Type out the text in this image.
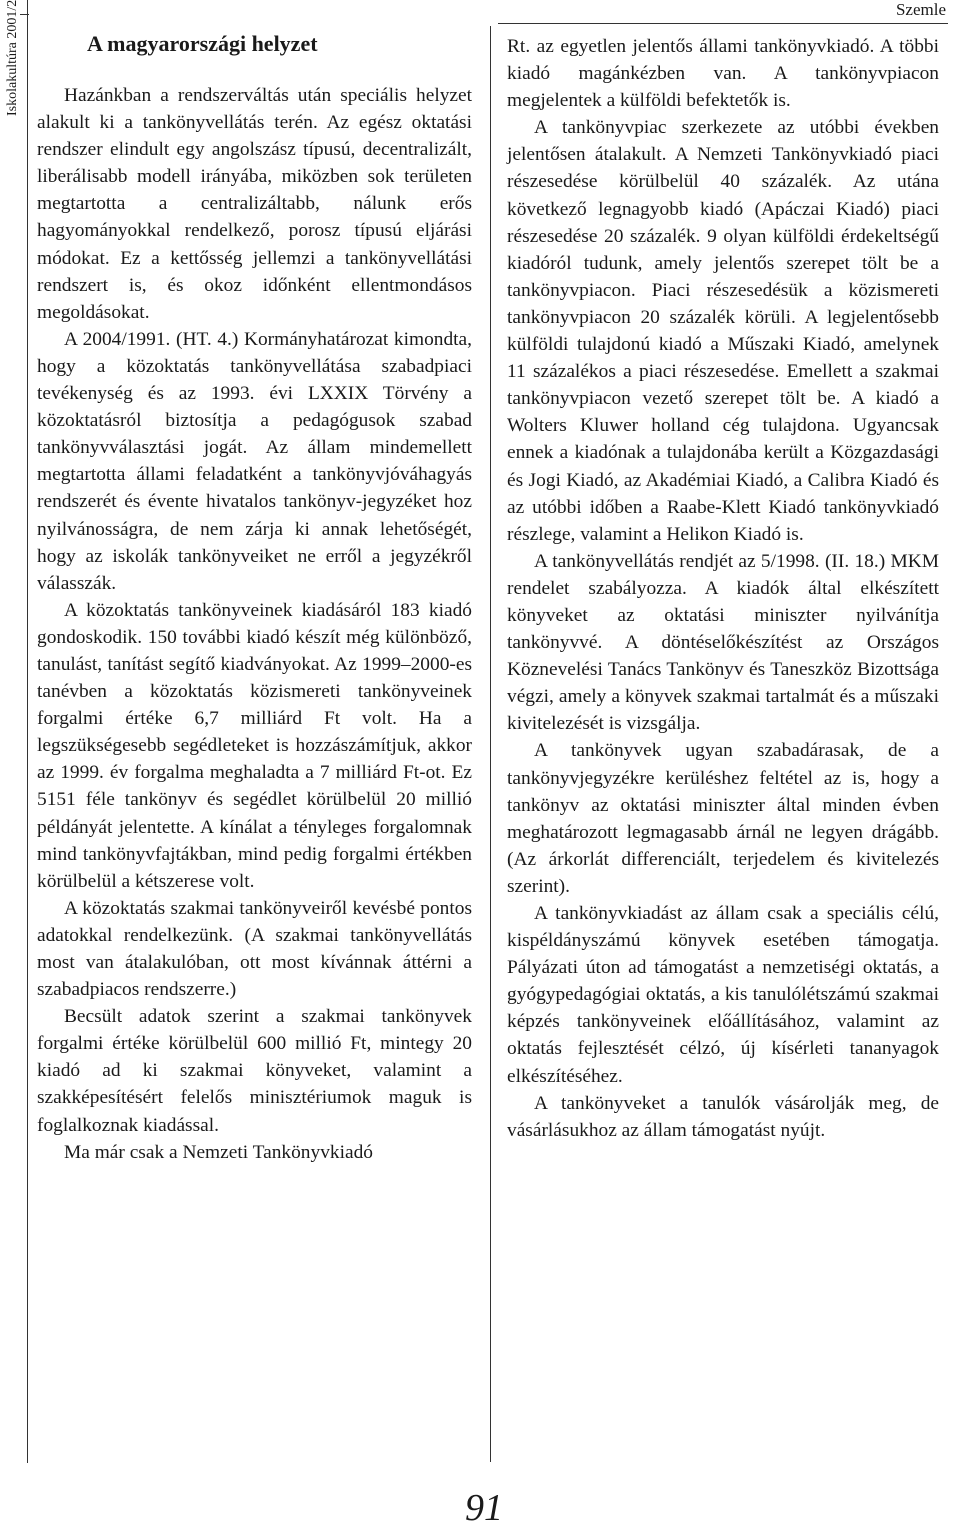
Iskolakultúra 2001/2	Szemle
A magyarországi helyzet

Hazánkban a rendszerváltás után speciális helyzet alakult ki a tankönyvellátás terén. Az egész oktatási rendszer elindult egy angolszász típusú, decentralizált, liberálisabb modell irányába, miközben sok területen megtartotta a centralizáltabb, nálunk erős hagyományokkal rendelkező, porosz típusú eljárási módokat. Ez a kettősség jellemzi a tankönyvellátási rendszert is, és okoz időnként ellentmondásos megoldásokat.

A 2004/1991. (HT. 4.) Kormányhatározat kimondta, hogy a közoktatás tankönyvellátása szabadpiaci tevékenység és az 1993. évi LXXIX Törvény a közoktatásról biztosítja a pedagógusok szabad tankönyvválasztási jogát. Az állam mindemellett megtartotta állami feladatként a tankönyvjóváhagyás rendszerét és évente hivatalos tankönyv-jegyzéket hoz nyilvánosságra, de nem zárja ki annak lehetőségét, hogy az iskolák tankönyveiket ne erről a jegyzékről válasszák.

A közoktatás tankönyveinek kiadásáról 183 kiadó gondoskodik. 150 további kiadó készít még különböző, tanulást, tanítást segítő kiadványokat. Az 1999–2000-es tanévben a közoktatás közismereti tankönyveinek forgalmi értéke 6,7 milliárd Ft volt. Ha a legszükségesebb segédleteket is hozzászámítjuk, akkor az 1999. év forgalma meghaladta a 7 milliárd Ft-ot. Ez 5151 féle tankönyv és segédlet körülbelül 20 millió példányát jelentette. A kínálat a tényleges forgalomnak mind tankönyvfajtákban, mind pedig forgalmi értékben körülbelül a kétszerese volt.

A közoktatás szakmai tankönyveiről kevésbé pontos adatokkal rendelkezünk. (A szakmai tankönyvellátás most van átalakulóban, ott most kívánnak áttérni a szabadpiacos rendszerre.)

Becsült adatok szerint a szakmai tankönyvek forgalmi értéke körülbelül 600 millió Ft, mintegy 20 kiadó ad ki szakmai könyveket, valamint a szakképesítésért felelős minisztériumok maguk is foglalkoznak kiadással.

Ma már csak a Nemzeti Tankönyvkiadó

Rt. az egyetlen jelentős állami tankönyvkiadó. A többi kiadó magánkézben van. A tankönyvpiacon megjelentek a külföldi befektetők is.

A tankönyvpiac szerkezete az utóbbi években jelentősen átalakult. A Nemzeti Tankönyvkiadó piaci részesedése körülbelül 40 százalék. Az utána következő legnagyobb kiadó (Apáczai Kiadó) piaci részesedése 20 százalék. 9 olyan külföldi érdekeltségű kiadóról tudunk, amely jelentős szerepet tölt be a tankönyvpiacon. Piaci részesedésük a közismereti tankönyvpiacon 20 százalék körüli. A legjelentősebb külföldi tulajdonú kiadó a Műszaki Kiadó, amelynek 11 százalékos a piaci részesedése. Emellett a szakmai tankönyvpiacon vezető szerepet tölt be. A kiadó a Wolters Kluwer holland cég tulajdona. Ugyancsak ennek a kiadónak a tulajdonába került a Közgazdasági és Jogi Kiadó, az Akadémiai Kiadó, a Calibra Kiadó és az utóbbi időben a Raabe-Klett Kiadó tankönyvkiadó részlege, valamint a Helikon Kiadó is.

A tankönyvellátás rendjét az 5/1998. (II. 18.) MKM rendelet szabályozza. A kiadók által elkészített könyveket az oktatási miniszter nyilvánítja tankönyvvé. A döntéselőkészítést az Országos Köznevelési Tanács Tankönyv és Taneszköz Bizottsága végzi, amely a könyvek szakmai tartalmát és a műszaki kivitelezését is vizsgálja.

A tankönyvek ugyan szabadárasak, de a tankönyvjegyzékre kerüléshez feltétel az is, hogy a tankönyv az oktatási miniszter által minden évben meghatározott legmagasabb árnál ne legyen drágább. (Az árkorlát differenciált, terjedelem és kivitelezés szerint).

A tankönyvkiadást az állam csak a speciális célú, kispéldányszámú könyvek esetében támogatja. Pályázati úton ad támogatást a nemzetiségi oktatás, a gyógypedagógiai oktatás, a kis tanulólétszámú szakmai képzés tankönyveinek előállításához, valamint az oktatás fejlesztését célzó, új kísérleti tananyagok elkészítéséhez.

A tankönyveket a tanulók vásárolják meg, de vásárlásukhoz az állam támogatást nyújt.

91
